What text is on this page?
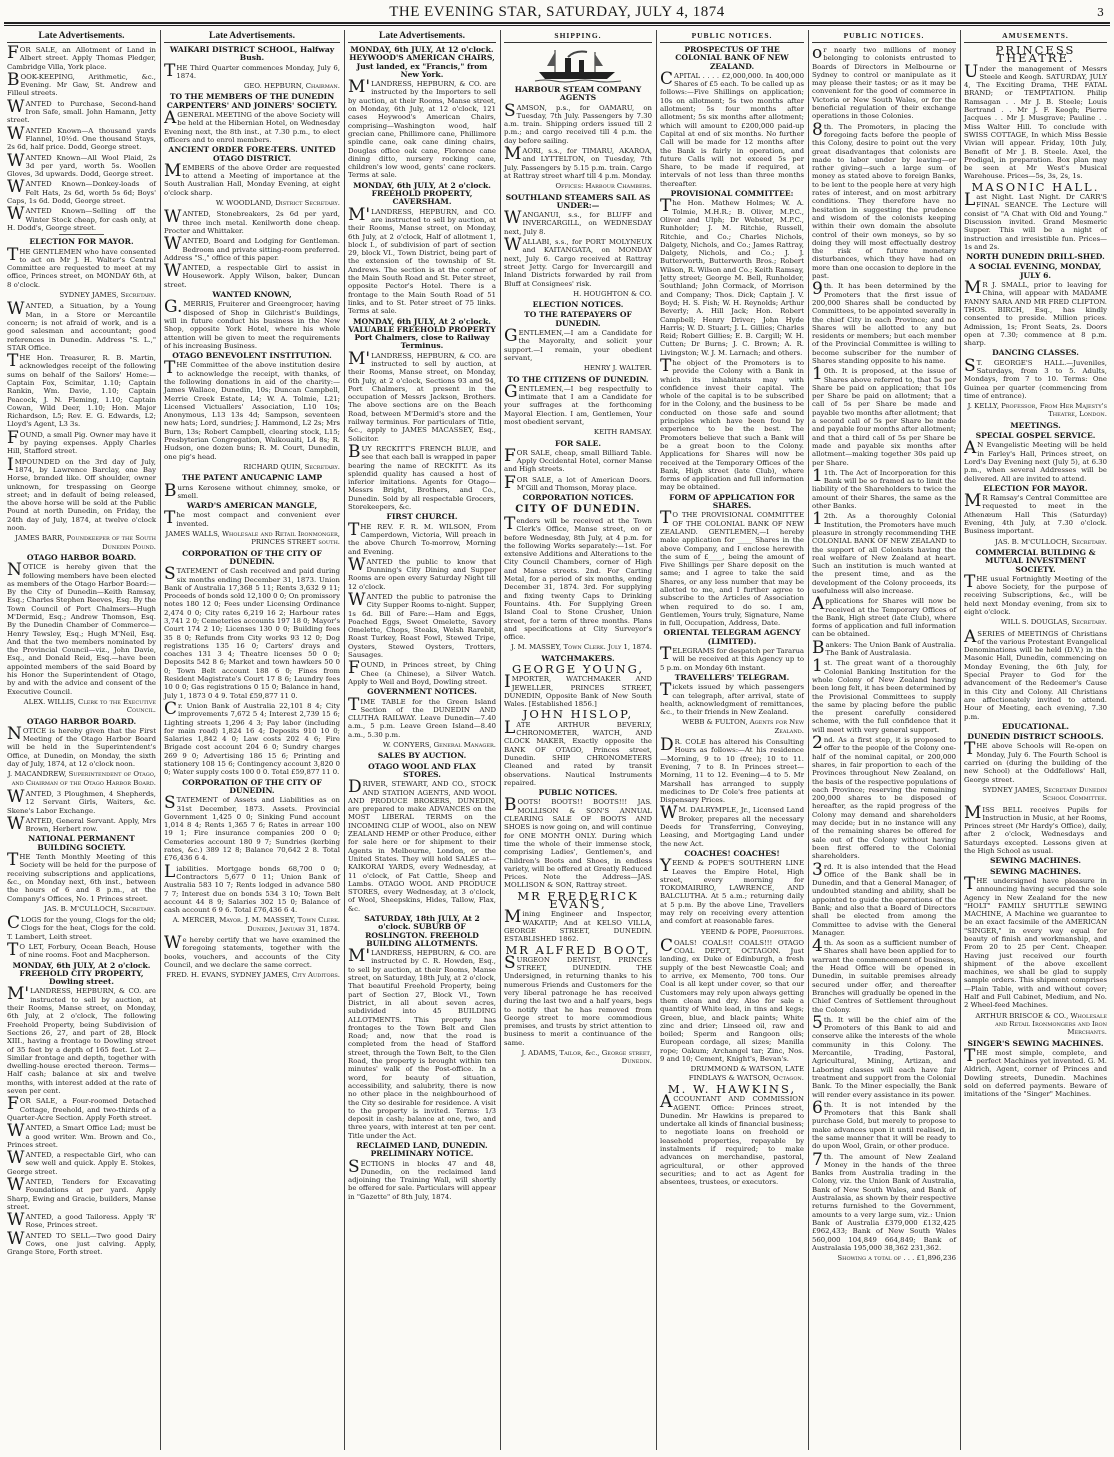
THE EVENING STAR, SATURDAY, JULY 4, 1874	3
Late Advertisements.
FOR SALE, an Allotment of Land in Albert street. Apply Thomas Pledger, Cambridge Villa, York place.
BOOK-KEEPING, Arithmetic, &c., Evening. Mr Gaw, St. Andrew and Filleul streets.
WANTED to Purchase, Second-hand Iron Safe, small. John Hamann, Jetty street.
WANTED Known—A thousand yards Flannel, 10½d. One thousand Stays, 2s 6d, half price. Dodd, George street.
WANTED Known—All Wool Plaid, 2s 3d per yard, worth 5s. Woollen Gloves, 3d upwards. Dodd, George street.
WANTED Known—Donkey-loads of Felt Hats, 2s 6d, worth 5s 6d; Boys' Caps, 1s 6d. Dodd, George street.
WANTED Known—Selling off the Winter Stock cheap, for cash only, at H. Dodd's, George street.
ELECTION FOR MAYOR.
THE GENTLEMEN who have consented to act on Mr J. H. Walter's Central Committee are requested to meet at my office, Princes street, on MONDAY 6th, at 8 o'clock.
SYDNEY JAMES, Secretary.
WANTED, a Situation, by a Young Man, in a Store or Mercantile concern; is not afraid of work, and is a good salesman and accountant; good references in Dunedin. Address "S. L.," STAR Office.
THE Hon. Treasurer, R. B. Martin, acknowledges receipt of the following sums on behalf of the Sailors' Home:—Captain Fox, Scimitar, 1.10; Captain Rankin, Wm. Davie, 1.10; Captain Peacock, J. N. Fleming, 1.10; Captain Cowan, Wild Deer, 1.10; Hon. Major Richardson, L5; Rev. E. G. Edwards, L2; Lloyd's Agent, L3 3s.
FOUND, a small Pig. Owner may have it by paying expenses. Apply Charles Hill, Stafford street.
IMPOUNDED on the 3rd day of July, 1874, by Lawrence Barclay, one Bay Horse, branded like. Off shoulder, owner unknown, for trespassing on George street; and in default of being released, the above horse will be sold at the Public Pound at north Dunedin, on Friday, the 24th day of July, 1874, at twelve o'clock noon.
JAMES BARR, Poundkeeper of the South Dunedin Pound.
OTAGO HARBOR BOARD.
NOTICE is hereby given that the following members have been elected as members of the Otago Harbor Board:—By the City of Dunedin—Keith Ramsay, Esq.; Charles Stephen Reeves, Esq. By the Town Council of Port Chalmers—Hugh M'Dermid, Esq.; Andrew Thomson, Esq. By the Dunedin Chamber of Commerce—Henry Tewsley, Esq.; Hugh M'Neil, Esq. And that the two members nominated by the Provincial Council—viz., John Davie, Esq., and Donald Reid, Esq.—have been appointed members of the said Board by his Honor the Superintendent of Otago, by and with the advice and consent of the Executive Council.
ALEX. WILLIS, Clerk to the Executive Council.
OTAGO HARBOR BOARD.
NOTICE is hereby given that the First Meeting of the Otago Harbor Board will be held in the Superintendent's Office, at Dunedin, on Monday, the sixth day of July, 1874, at 12 o'clock noon.
J. MACANDREW, Superintendent of Otago, and Chairman of the Otago Harbor Board.
WANTED, 3 Ploughmen, 4 Shepherds, 12 Servant Girls, Waiters, &c. Skene's Labor Exchange.
WANTED, General Servant. Apply, Mrs Brown, Herbert row.
NATIONAL PERMANENT BUILDING SOCIETY.
THE Tenth Monthly Meeting of this Society will be held for the purpose of receiving subscriptions and applications, &c., on Monday next, 6th inst., between the hours of 6 and 8 p.m., at the Company's Offices, No. 1 Princes street.
JAS. B. M'CULLOCH, Secretary.
CLOGS for the young, Clogs for the old; Clogs for the heat, Clogs for the cold. T. Lambert, Leith street.
TO LET, Forbury, Ocean Beach, House of nine rooms. Foot and Macpherson.
MONDAY, 6th JULY, At 2 o'clock. FREEHOLD CITY PROPERTY, Dowling street.
M'LANDRESS, HEPBURN, & CO. are instructed to sell by auction, at their Rooms, Manse street, on Monday, 6th July, at 2 o'clock, The following Freehold Property, being Subdivision of Sections 26, 27, and part of 28, Block XIII., having a frontage to Dowling street of 35 feet by a depth of 165 feet. Lot 2—Similar frontage and depth, together with dwelling-house erected thereon. Terms—Half cash; balance at six and twelve months, with interest added at the rate of seven per cent.
FOR SALE, a Four-roomed Detached Cottage, freehold, and two-thirds of a Quarter-Acre Section. Apply Forth street.
WANTED, a Smart Office Lad; must be a good writer. Wm. Brown and Co., Princes street.
WANTED, a respectable Girl, who can sew well and quick. Apply E. Stokes, George street.
WANTED, Tenders for Excavating Foundations at per yard. Apply Sharp, Ewing and Gracie, builders, Manse street.
WANTED, a good Tailoress. Apply 'R' Rose, Princes street.
WANTED TO SELL—Two good Dairy Cows, one just calving. Apply, Grange Store, Forth street.
Late Advertisements.
WAIKARI DISTRICT SCHOOL, Halfway Bush.
THE Third Quarter commences Monday, July 6, 1874.
GEO. HEPBURN, Chairman.
TO THE MEMBERS OF THE DUNEDIN CARPENTERS' AND JOINERS' SOCIETY.
AGENERAL MEETING of the above Society will be held at the Hibernian Hotel, on Wednesday Evening next, the 8th inst., at 7.30 p.m., to elect officers and to enrol members.
ANCIENT ORDER FORE-TERS. UNITED OTAGO DISTRICT.
MEMBERS of the above Order are requested to attend a Meeting of importance at the South Australian Hall, Monday Evening, at eight o'clock sharp.
W. WOODLAND, District Secretary.
WANTED, Stonebreakers, 2s 6d per yard, three inch metal. Kenilworth done cheap. Procter and Whittaker.
WANTED, Board and Lodging for Gentleman. Bedroom and private sitting-room preferred. Address "S.," office of this paper.
WANTED, a respectable Girl to assist in Housework. Apply Wilson, baker, Duncan street.
WANTED KNOWN,
G.MERRIS, Fruiterer and Greengrocer, having disposed of Shop in Gilchrist's Buildings, will in future conduct his business in the New Shop, opposite York Hotel, where his whole attention will be given to meet the requirements of his increasing Business.
OTAGO BENEVOLENT INSTITUTION.
THE Committee of the above institution desire to acknowledge the receipt, with thanks, of the following donations in aid of the charity:—James Wallace, Dunedin, 10s; Duncan Campbell, Merrie Creek Estate, L4; W. A. Tolmie, L21; Licensed Victuallers' Association, L10 10s; Anonymous, L13 13s 4d; Sampson, seventeen new hats; Lord, sundries; J. Hammond, L2 2s; Mrs Burn, 13s; Robert Campbell, clearing stock, L15; Presbyterian Congregation, Waikouaiti, L4 8s; R. Hudson, one dozen buns; R. M. Court, Dunedin, one pig's head.
RICHARD QUIN, Secretary.
THE PATENT ANUCAPNIC LAMP
Burns Kerosene without chimney, smoke, or smell.
WARD'S AMERICAN MANGLE,
The most compact and convenient ever invented.
JAMES WALLS, Wholesale and Retail Ironmonger, PRINCES STREET south.
CORPORATION OF THE CITY OF DUNEDIN.
STATEMENT of Cash received and paid during six months ending December 31, 1873. Union Bank of Australia 17,368 5 11; Rents 3,632 9 11; Proceeds of bonds sold 12,100 0 0; On promissory notes 180 12 0; Fees under Licensing Ordinance 2,474 0 0; City rates 6,219 16 2; Harbour rates 3,741 2 0; Cemeteries accounts 197 18 0; Mayor's Court 174 2 10; Licenses 130 0 0; Building fees 35 8 0; Refunds from City works 93 12 0; Dog registrations 135 16 0; Carters' drays and coaches 131 3 4; Theatre licenses 50 0 0; Deposits 542 8 6; Market and town hawkers 50 0 0; Town Belt account 188 6 0; Fines from Resident Magistrate's Court 17 8 6; Laundry fees 10 0 0; Gas registrations 0 15 0; Balance in hand, July 1, 1873 0 4 9. Total £59,877 11 0.
Cr. Union Bank of Australia 22,101 8 4; City improvements 7,672 5 4; Interest 2,739 15 6; Lighting streets 1,296 4 3; Pay labor (including for main road) 1,824 16 4; Deposits 910 10 0; Salaries 1,842 4 0; Law costs 202 4 6; Fire Brigade cost account 204 6 0; Sundry charges 269 9 0; Advertising 186 15 6; Printing and stationery 108 15 6; Contingency account 3,820 0 0; Water supply costs 100 0 0. Total £59,877 11 0.
CORPORATION OF THE CITY OF DUNEDIN.
STATEMENT of Assets and Liabilities as on 31st December, 1873. Assets. Provincial Government 1,425 0 0; Sinking Fund account 1,014 8 4; Rents 1,365 7 6; Rates in arrear 100 19 1; Fire insurance companies 200 0 0; Cemeteries account 180 9 7; Sundries (kerbing rates, &c.) 389 12 8; Balance 70,642 2 8. Total £76,436 6 4.
Liabilities. Mortgage bonds 68,700 0 0; Contractors 5,677 0 11; Union Bank of Australia 583 10 7; Rents lodged in advance 580 7 7; Interest due on bonds 534 3 10; Town Belt account 44 8 9; Salaries 302 15 0; Balance of cash account 6 9 6. Total £76,436 6 4.
A. MERCER, Mayor. J. M. MASSEY, Town Clerk. Dunedin, January 31, 1874.
We hereby certify that we have examined the foregoing statements, together with the books, vouchers, and accounts of the City Council, and we declare the same correct.
FRED. H. EVANS, SYDNEY JAMES, City Auditors.
Late Advertisements.
MONDAY, 6th JULY, At 12 o'clock. HEYWOOD'S AMERICAN CHAIRS, Just landed, ex "Francis," from New York.
M'LANDRESS, HEPBURN, & CO. are instructed by the Importers to sell by auction, at their Rooms, Manse street, on Monday, 6th July, at 12 o'clock, 121 cases Heywood's American Chairs, comprising—Washington wood, half grecian cane, Phillimore cane, Phillimore spindle cane, oak cane dining chairs, Douglas office oak cane, Florence cane dining ditto, nursery rocking cane, children's low wood, gents' cane rockers. Terms at sale.
MONDAY, 6th JULY, At 2 o'clock. FREEHOLD PROPERTY, CAVERSHAM.
M'LANDRESS, HEPBURN, and CO. are instructed to sell by auction, at their Rooms, Manse street, on Monday, 6th July, at 2 o'clock, Half of allotment 1, block I., of subdivision of part of section 29, block VI., Town District, being part of the extension of the township of St. Andrews. The section is at the corner of the Main South Road and St. Peter street, opposite Pector's Hotel. There is a frontage to the Main South Road of 51 links, and to St. Peter street of 75 links. Terms at sale.
MONDAY, 6th JULY, At 2 o'clock. VALUABLE FREEHOLD PROPERTY Port Chalmers, close to Railway Terminus.
M'LANDRESS, HEPBURN, & CO. are instructed to sell by auction, at their Rooms, Manse street, on Monday, 6th July, at 2 o'clock, Sections 93 and 94, Port Chalmers, at present in the occupation of Messrs Jackson, Brothers. The above sections are on the Beach Road, between M'Dermid's store and the railway terminus. For particulars of Title, &c., apply to JAMES MACASSEY, Esq., Solicitor.
BUY RECKITT'S FRENCH BLUE, and see that each ball is wrapped in paper bearing the name of RECKITT. As its splendid quality has caused a host of inferior imitations. Agents for Otago—Messrs Bright, Brothers, and Co., Dunedin. Sold by all respectable Grocers, Storekeepers, &c.
FIRST CHURCH.
THE REV. F. R. M. WILSON, From Camperdown, Victoria, Will preach in the above Church To-morrow, Morning and Evening.
WANTED the public to know that Dunning's City Dining and Supper Rooms are open every Saturday Night till 12 o'clock.
WANTED the public to patronise the City Supper Rooms to-night. Supper, 1s 6d. Bill of Fare:—Ham and Eggs, Poached Eggs, Sweet Omelette, Savory Omelette, Chops, Steaks, Welsh Rarebit, Roast Turkey, Roast Fowl, Stewed Tripe, Oysters, Stewed Oysters, Trotters, Sausages.
FOUND, in Princes street, by Ching Chee (a Chinese), a Silver Watch. Apply to Weil and Boyd, Dowling street.
GOVERNMENT NOTICES.
TIME TABLE for the Green Island Section of the DUNEDIN AND CLUTHA RAILWAY. Leave Dunedin—7.40 a.m., 5 p.m. Leave Green Island—8.40 a.m., 5.30 p.m.
W. CONYERS, General Manager.
SALES BY AUCTION.
OTAGO WOOL AND FLAX STORES.
DRIVER, STEWART, AND CO., STOCK AND STATION AGENTS, AND WOOL AND PRODUCE BROKERS, DUNEDIN, are prepared to make ADVANCES on the MOST LIBERAL TERMS on the INCOMING CLIP of WOOL, also on NEW ZEALAND HEMP or other Produce, either for sale here or for shipment to their Agents in Melbourne, London, or the United States. They will hold SALES at—KAIKORAI YARDS, every Wednesday, at 11 o'clock, of Fat Cattle, Sheep and Lambs. OTAGO WOOL AND PRODUCE STORES, every Wednesday, at 3 o'clock, of Wool, Sheepskins, Hides, Tallow, Flax, &c.
SATURDAY, 18th JULY, At 2 o'clock. SUBURB OF ROSLINGTON. FREEHOLD BUILDING ALLOTMENTS.
M'LANDRESS, HEPBURN, & CO. are instructed by C. R. Howden, Esq., to sell by auction, at their Rooms, Manse street, on Saturday, 18th July, at 2 o'clock, That beautiful Freehold Property, being part of Section 27, Block VI., Town District, in all about seven acres, subdivided into 45 BUILDING ALLOTMENTS. This property has frontages to the Town Belt and Glen Road; and, now that the road is completed from the head of Stafford street, through the Town Belt, to the Glen Road, the property is brought within ten minutes' walk of the Post-office. In a word, for beauty of situation, accessibility, and salubrity, there is now no other place in the neighbourhood of the City so desirable for residence. A visit to the property is invited. Terms: 1/3 deposit in cash; balance at one, two, and three years, with interest at ten per cent. Title under the Act.
RECLAIMED LAND, DUNEDIN. PRELIMINARY NOTICE.
SECTIONS in blocks 47 and 48, Dunedin, on the reclaimed land adjoining the Training Wall, will shortly be offered for sale. Particulars will appear in "Gazette" of 8th July, 1874.
SHIPPING.
HARBOUR STEAM COMPANY AGENTS
SAMSON, p.s., for OAMARU, on Tuesday, 7th July. Passengers by 7.30 a.m. train. Shipping orders issued till 2 p.m.; and cargo received till 4 p.m. the day before sailing.
MAORI, s.s., for TIMARU, AKAROA, and LYTTELTON, on Tuesday, 7th July. Passengers by 5.15 p.m. train. Cargo at Rattray street wharf till 4 p.m. Monday.
Offices: Harbour Chambers.
SOUTHLAND STEAMERS SAIL AS UNDER:—
WANGANUI, s.s., for BLUFF and INVERCARGILL, on WEDNESDAY next, July 8.
WALLABI, s.s., for PORT MOLYNEUX and KAITANGATA, on MONDAY next, July 6. Cargo received at Rattray street Jetty. Cargo for Invercargill and Inland Districts forwarded by rail from Bluff at Consignees' risk.
H. HOUGHTON & CO.
ELECTION NOTICES.
TO THE RATEPAYERS OF DUNEDIN.
GENTLEMEN,—I am a Candidate for the Mayoralty, and solicit your support.—I remain, your obedient servant,
HENRY J. WALTER.
TO THE CITIZENS OF DUNEDIN.
GENTLEMEN,—I beg respectfully to intimate that I am a Candidate for your suffrages at the forthcoming Mayoral Election. I am, Gentlemen, Your most obedient servant,
KEITH RAMSAY.
FOR SALE.
FOR SALE, cheap, small Billiard Table. Apply Occidental Hotel, corner Manse and High streets.
FOR SALE, a lot of American Doors. M'Gill and Thomson, Moray place.
CORPORATION NOTICES.
CITY OF DUNEDIN.
Tenders will be received at the Town Clerk's Office, Manse street, on or before Wednesday, 8th July, at 4 p.m. for the following Works separately:—1st. For extensive Additions and Alterations to the City Council Chambers, corner of High and Manse streets. 2nd. For Carting Metal, for a period of six months, ending December 31, 1874. 3rd. For supplying and fixing twenty Caps to Drinking Fountains. 4th. For Supplying Green Island Coal to Stone Crusher, Union street, for a term of three months. Plans and specifications at City Surveyor's office.
J. M. MASSEY, Town Clerk. July 1, 1874.
WATCHMAKERS.
GEORGE YOUNG,
IMPORTER, WATCHMAKER AND JEWELLER, PRINCES STREET, DUNEDIN, Opposite Bank of New South Wales. [Established 1856.]
JOHN HISLOP,
LATE ARTHUR BEVERLY, CHRONOMETER, WATCH, AND CLOCK MAKER, Exactly opposite the BANK OF OTAGO, Princes street, Dunedin. SHIP CHRONOMETERS Cleaned and rated by transit observations. Nautical Instruments repaired.
PUBLIC NOTICES.
BOOTS! BOOTS!! BOOTS!!! JAS. MOLLISON & SON'S ANNUAL CLEARING SALE OF BOOTS AND SHOES is now going on, and will continue for ONE MONTH ONLY. During which time the whole of their immense stock, comprising Ladies', Gentlemen's, and Children's Boots and Shoes, in endless variety, will be offered at Greatly Reduced Prices. Note the Address—JAS. MOLLISON & SON, Rattray street.
MR FREDERICK EVANS,
Mining Engineer and Inspector, WAKATIP; And at KELSO VILLA, GEORGE STREET, DUNEDIN. ESTABLISHED 1862.
MR ALFRED BOOT,
SURGEON DENTIST, PRINCES STREET, DUNEDIN. THE Undersigned, in returning thanks to his numerous Friends and Customers for the very liberal patronage he has received during the last two and a half years, begs to notify that he has removed from George street to more commodious premises, and trusts by strict attention to business to merit a continuance of the same.
J. ADAMS, Tailor, &c., George street, Dunedin.
PUBLIC NOTICES.
PROSPECTUS OF THE COLONIAL BANK OF NEW ZEALAND.
CAPITAL . . . . £2,000,000. In 400,000 Shares of £5 each. To be called up as follows:—Five Shillings on application; 10s on allotment; 5s two months after allotment; 5s four months after allotment; 5s six months after allotment; which will amount to £200,000 paid-up Capital at end of six months. No further Call will be made for 12 months after the Bank is fairly in operation, and future Calls will not exceed 5s per Share, to be made if required, at intervals of not less than three months thereafter.
PROVISIONAL COMMITTEE:
The Hon. Mathew Holmes; W. A. Tolmie, M.H.R.; B. Oliver, M.P.C., Oliver and Ulph; Dr Webster, M.P.C., Runholder; J. M. Ritchie, Russell, Ritchie, and Co.; Charles Nichols, Dalgety, Nichols, and Co.; James Rattray, Dalgety, Nichols, and Co.; J. J. Butterworth, Butterworth Bros.; Robert Wilson, R. Wilson and Co.; Keith Ramsay, Jetty street; George M. Bell, Runholder, Southland; John Cormack, of Morrison and Company; Thos. Dick; Captain J. V. Boyd; H. S. Fish; W. H. Reynolds; Arthur Beverly; A. Hill Jack; Hon. Robert Campbell; Henry Driver; John Hyde Harris; W. D. Stuart; J. L. Gillies; Charles Reid; Robert Gillies; E. B. Cargill; W. H. Cutten; Dr Burns; J. C. Brown; A. R. Livingston; W. J. M. Larnach; and others.
The object of the Promoters is to provide the Colony with a Bank in which its inhabitants may with confidence invest their capital. The whole of the capital is to be subscribed for in the Colony, and the business to be conducted on those safe and sound principles which have been found by experience to be the best. The Promoters believe that such a Bank will be a great boon to the Colony. Applications for Shares will now be received at the Temporary Offices of the Bank, High street (late Club), where forms of application and full information may be obtained.
FORM OF APPLICATION FOR SHARES.
TO THE PROVISIONAL COMMITTEE OF THE COLONIAL BANK OF NEW ZEALAND. GENTLEMEN,—I hereby make application for ____ Shares in the above Company, and I enclose herewith the sum of £____, being the amount of Five Shillings per Share deposit on the same; and I agree to take the said Shares, or any less number that may be allotted to me, and I further agree to subscribe to the Articles of Association when required to do so. I am, Gentlemen, Yours truly, Signature, Name in full, Occupation, Address, Date.
ORIENTAL TELEGRAM AGENCY (LIMITED).
TELEGRAMS for despatch per Tararua will be received at this Agency up to 5 p.m. on Monday 6th instant.
TRAVELLERS' TELEGRAM.
Tickets issued by which passengers can telegraph, after arrival, state of health, acknowledgment of remittances, &c., to their friends in New Zealand.
WEBB & FULTON, Agents for New Zealand.
DR. COLE has altered his Consulting Hours as follows:—At his residence—Morning, 9 to 10 (free); 10 to 11. Evening, 7 to 8. In Princes street—Morning, 11 to 12. Evening—4 to 5. Mr Marshall has arranged to supply medicines to Dr Cole's free patients at Dispensary Prices.
WM. DALRYMPLE, Jr., Licensed Land Broker, prepares all the necessary Deeds for Transferring, Conveying, Leasing, and Mortgaging Land under the new Act.
COACHES! COACHES!
YEEND & POPE'S SOUTHERN LINE Leaves the Empire Hotel, High street, every morning for TOKOMAIRIRO, LAWRENCE, AND BALCLUTHA. At 5 a.m.; returning daily at 5 p.m. By the above Line, Travellers may rely on receiving every attention and comfort at reasonable fares.
YEEND & POPE, Proprietors.
COALS! COALS!! COALS!!! OTAGO COAL DEPOT, OCTAGON. Just landing, ex Duke of Edinburgh, a fresh supply of the best Newcastle Coal; and to arrive, ex Memento, 700 tons. Our Coal is all kept under cover, so that our Customers may rely upon always getting them clean and dry. Also for sale a quantity of White lead, in tins and kegs; Green, blue, and black paints; White zinc and drier; Linseed oil, raw and boiled; Sperm and Rangoon oils; European cordage, all sizes; Manilla rope; Oakum; Archangel tar; Zinc, Nos. 9 and 10; Cement, Knight's, Bevan's.
DRUMMOND & WATSON, LATE FINDLAYS & WATSON, Octagon.
M. W. HAWKINS,
ACCOUNTANT AND COMMISSION AGENT. Office: Princes street, Dunedin. Mr Hawkins is prepared to undertake all kinds of financial business; to negotiate loans on freehold or leasehold properties, repayable by instalments if required; to make advances on merchandise, pastoral, agricultural, or other approved securities; and to act as Agent for absentees, trustees, or executors.
PUBLIC NOTICES.
or nearly two millions of money belonging to colonists entrusted to Boards of Directors in Melbourne or Sydney to control or manipulate as it may please their tastes; or as it may be convenient for the good of commerce in Victoria or New South Wales, or for the beneficial regulation of their exchange operations in those Colonies.
8th. The Promoters, in placing the foregoing facts before the people of this Colony, desire to point out the very great disadvantages that colonists are made to labor under by leaving—or rather giving—such a large sum of money as stated above to foreign Banks, to be lent to the people here at very high rates of interest, and on most arbitrary conditions. They therefore have no hesitation in suggesting the prudence and wisdom of the colonists keeping within their own domain the absolute control of their own moneys, so by so doing they will most effectually destroy the risk of future monetary disturbances, which they have had on more than one occasion to deplore in the past.
9th. It has been determined by the Promoters that the first issue of 200,000 Shares shall be conducted by Committees, to be appointed severally in the chief City in each Province; and no Shares will be allotted to any but residents or members; but each member of the Provincial Committee is willing to become subscriber for the number of Shares standing opposite to his name.
10th. It is proposed, at the issue of Shares above referred to, that 5s per Share be paid on application; that 10s per Share be paid on allotment; that a call of 5s per Share be made and payable two months after allotment; that a second call of 5s per Share be made and payable four months after allotment; and that a third call of 5s per Share be made and payable six months after allotment—making together 30s paid up per Share.
11th. The Act of Incorporation for this Bank will be so framed as to limit the liability of the Shareholders to twice the amount of their Shares, the same as the other Banks.
12th. As a thoroughly Colonial Institution, the Promoters have much pleasure in strongly recommending THE COLONIAL BANK OF NEW ZEALAND to the support of all Colonists having the real welfare of New Zealand at heart. Such an institution is much wanted at the present time, and as the development of the Colony proceeds, its usefulness will also increase.
Applications for Shares will now be received at the Temporary Offices of the Bank, High street (late Club), where forms of application and full information can be obtained.
Bankers: The Union Bank of Australia. The Bank of Australasia.
1st. The great want of a thoroughly Colonial Banking Institution for the whole Colony of New Zealand having been long felt, it has been determined by the Provisional Committees to supply the same by placing before the public the present carefully considered scheme, with the full confidence that it will meet with very general support.
2nd. As a first step, it is proposed to offer to the people of the Colony one-half of the nominal capital, or 200,000 shares, in fair proportion to each of the Provinces throughout New Zealand, on the basis of the respective populations of each Province; reserving the remaining 200,000 shares to be disposed of hereafter, as the rapid progress of the Colony may demand and shareholders may decide; but in no instance will any of the remaining shares be offered for sale out of the Colony without having been first offered to the Colonial shareholders.
3rd. It is also intended that the Head Office of the Bank shall be in Dunedin, and that a General Manager, of undoubted standing and ability, shall be appointed to guide the operations of the Bank; and also that a Board of Directors shall be elected from among the Committee to advise with the General Manager.
4th. As soon as a sufficient number of Shares shall have been applied for to warrant the commencement of business, the Head Office will be opened in Dunedin, in suitable premises already secured under offer, and thereafter Branches will gradually be opened in the Chief Centres of Settlement throughout the Colony.
5th. It will be the chief aim of the Promoters of this Bank to aid and conserve alike the interests of the whole community in this Colony. The Mercantile, Trading, Pastoral, Agricultural, Mining, Artizan, and Laboring classes will each have fair treatment and support from the Colonial Bank. To the Miner especially, the Bank will render every assistance in its power.
6th. It is not intended by the Promoters that this Bank shall purchase Gold, but merely to propose to make advances upon it until realised, in the same manner that it will be ready to do upon Wool, Grain, or other produce.
7th. The amount of New Zealand Money in the hands of the three Banks from Australia trading in the Colony, viz. the Union Bank of Australia, Bank of New South Wales, and Bank of Australasia, as shown by their respective returns furnished to the Government, amounts to a very large sum, viz.: Union Bank of Australia £379,000 £132,425 £962,433; Bank of New South Wales 560,000 104,849 664,849; Bank of Australasia 195,000 38,362 231,362.
Showing a total of . . . £1,896,236
AMUSEMENTS.
PRINCESS THEATRE.
Under the management of Messrs Steele and Keogh. SATURDAY, JULY 4, The Exciting Drama, THE FATAL BRAND; or TEMPTATION. Philip Ramsagan . . Mr J. B. Steele; Louis Bertrand . . Mr J. F. Keogh; Pierre Jacques . . Mr J. Musgrave; Pauline . . Miss Walter Hill. To conclude with SWISS COTTAGE, In which Miss Bessie Vivian will appear. Friday, 10th July, Benefit of Mr J. B. Steele. Axel, the Prodigal, in preparation. Box plan may be seen at Mr West's Musical Warehouse. Prices—5s, 3s, 2s, 1s.
MASONIC HALL.
Last Night. Last Night. Dr CARR'S FINAL SEANCE. The Lecture will consist of "A Chat with Old and Young." Discussion invited. Grand Mesmeric Supper. This will be a night of instruction and irresistible fun. Prices—1s and 2s.
NORTH DUNEDIN DRILL-SHED.
A SOCIAL EVENING, MONDAY, JULY 6.
MR J. SMALL, prior to leaving for China, will appear with MADAME FANNY SARA AND MR FRED CLIFTON. THOS. BIRCH, Esq., has kindly consented to preside. Million prices. Admission, 1s; Front Seats, 2s. Doors open at 7.30; commence at 8 p.m. sharp.
DANCING CLASSES.
ST. GEORGE'S HALL.—Juveniles, Saturdays, from 3 to 5. Adults, Mondays, from 7 to 10. Terms: One Guinea per quarter (commencing from time of entrance).
J. KELLY, Professor, From Her Majesty's Theatre, London.
MEETINGS.
SPECIAL GOSPEL SERVICE.
AN Evangelistic Meeting will be held in Farley's Hall, Princes street, on Lord's Day Evening next (July 5), at 6.30 p.m., when several Addresses will be delivered. All are invited to attend.
ELECTION FOR MAYOR.
MR Ramsay's Central Committee are requested to meet in the Athenæum Hall This (Saturday) Evening, 4th July, at 7.30 o'clock. Business important.
JAS. B. M'CULLOCH, Secretary.
COMMERCIAL BUILDING & MUTUAL INVESTMENT SOCIETY.
THE usual Fortnightly Meeting of the above Society, for the purpose of receiving Subscriptions, &c., will be held next Monday evening, from six to eight o'clock.
WILL S. DOUGLAS, Secretary.
ASERIES of MEETINGS of Christians of the various Protestant Evangelical Denominations will be held (D.V.) in the Masonic Hall, Dunedin, commencing on Monday Evening, the 6th July, for Special Prayer to God for the advancement of the Redeemer's Cause in this City and Colony. All Christians are affectionately invited to attend. Hour of Meeting, each evening, 7.30 p.m.
EDUCATIONAL.
DUNEDIN DISTRICT SCHOOLS.
THE above Schools will Re-open on Monday, July 6. The Fourth School is carried on (during the building of the new School) at the Oddfellows' Hall, George street.
SYDNEY JAMES, Secretary Dunedin School Committee.
MISS BELL receives Pupils for Instruction in Music, at her Rooms, Princes street (Mr Hardy's Office), daily, after 2 o'clock, Wednesdays and Saturdays excepted. Lessons given at the High School as usual.
SEWING MACHINES.
SEWING MACHINES.
THE undersigned have pleasure in announcing having secured the sole Agency in New Zealand for the new "HOLT" FAMILY SHUTTLE SEWING MACHINE, A Machine we guarantee to be an exact facsimile of the AMERICAN "SINGER," in every way equal for beauty of finish and workmanship, and From 20 to 25 per Cent. Cheaper. Having just received our fourth shipment of the above excellent machines, we shall be glad to supply sample orders. This shipment comprises—Plain Table, with and without cover; Half and Full Cabinet, Medium, and No. 2 Wheel-feed Machines.
ARTHUR BRISCOE & CO., Wholesale and Retail Ironmongers and Iron Merchants.
SINGER'S SEWING MACHINES.
THE most simple, complete, and perfect Machines yet invented. G. M. Aldrich, Agent, corner of Princes and Dowling streets, Dunedin. Machines sold on deferred payments. Beware of imitations of the "Singer" Machines.
